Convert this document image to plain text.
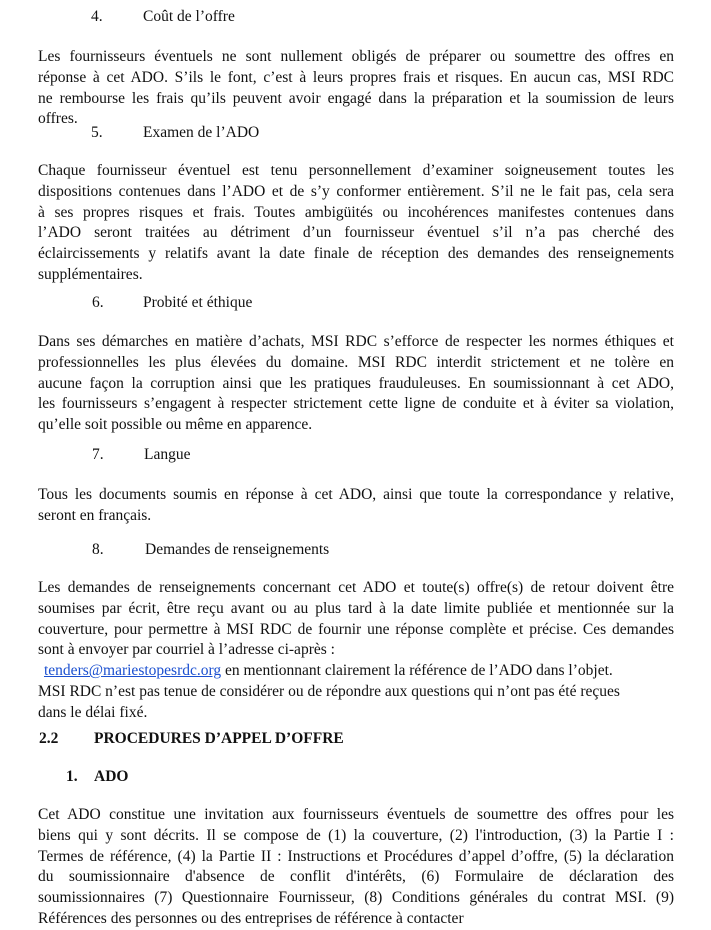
4.	Coût de l’offre
Les fournisseurs éventuels ne sont nullement obligés de préparer ou soumettre des offres en
réponse à cet ADO. S’ils le font, c’est à leurs propres frais et risques. En aucun cas, MSI RDC
ne rembourse les frais qu’ils peuvent avoir engagé dans la préparation et la soumission de leurs
offres.
5.	Examen de l’ADO
Chaque fournisseur éventuel est tenu personnellement d’examiner soigneusement toutes les
dispositions contenues dans l’ADO et de s’y conformer entièrement. S’il ne le fait pas, cela sera
à ses propres risques et frais. Toutes ambigüités ou incohérences manifestes contenues dans
l’ADO seront traitées au détriment d’un fournisseur éventuel s’il n’a pas cherché des
éclaircissements y relatifs avant la date finale de réception des demandes des renseignements
supplémentaires.
6.	Probité et éthique
Dans ses démarches en matière d’achats, MSI RDC s’efforce de respecter les normes éthiques et
professionnelles les plus élevées du domaine. MSI RDC interdit strictement et ne tolère en
aucune façon la corruption ainsi que les pratiques frauduleuses. En soumissionnant à cet ADO,
les fournisseurs s’engagent à respecter strictement cette ligne de conduite et à éviter sa violation,
qu’elle soit possible ou même en apparence.
7.	Langue
Tous les documents soumis en réponse à cet ADO, ainsi que toute la correspondance y relative,
seront en français.
8.	Demandes de renseignements
Les demandes de renseignements concernant cet ADO et toute(s) offre(s) de retour doivent être
soumises par écrit, être reçu avant ou au plus tard à la date limite publiée et mentionnée sur la
couverture, pour permettre à MSI RDC de fournir une réponse complète et précise. Ces demandes
sont à envoyer par courriel à l’adresse ci-après :
tenders@mariestopesrdc.org en mentionnant clairement la référence de l’ADO dans l’objet.
MSI RDC n’est pas tenue de considérer ou de répondre aux questions qui n’ont pas été reçues
dans le délai fixé.
2.2 PROCEDURES D’APPEL D’OFFRE
1. ADO
Cet ADO constitue une invitation aux fournisseurs éventuels de soumettre des offres pour les
biens qui y sont décrits. Il se compose de (1) la couverture, (2) l'introduction, (3) la Partie I :
Termes de référence, (4) la Partie II : Instructions et Procédures d’appel d’offre, (5) la déclaration
du soumissionnaire d'absence de conflit d'intérêts, (6) Formulaire de déclaration des
soumissionnaires (7) Questionnaire Fournisseur, (8) Conditions générales du contrat MSI. (9)
Références des personnes ou des entreprises de référence à contacter
